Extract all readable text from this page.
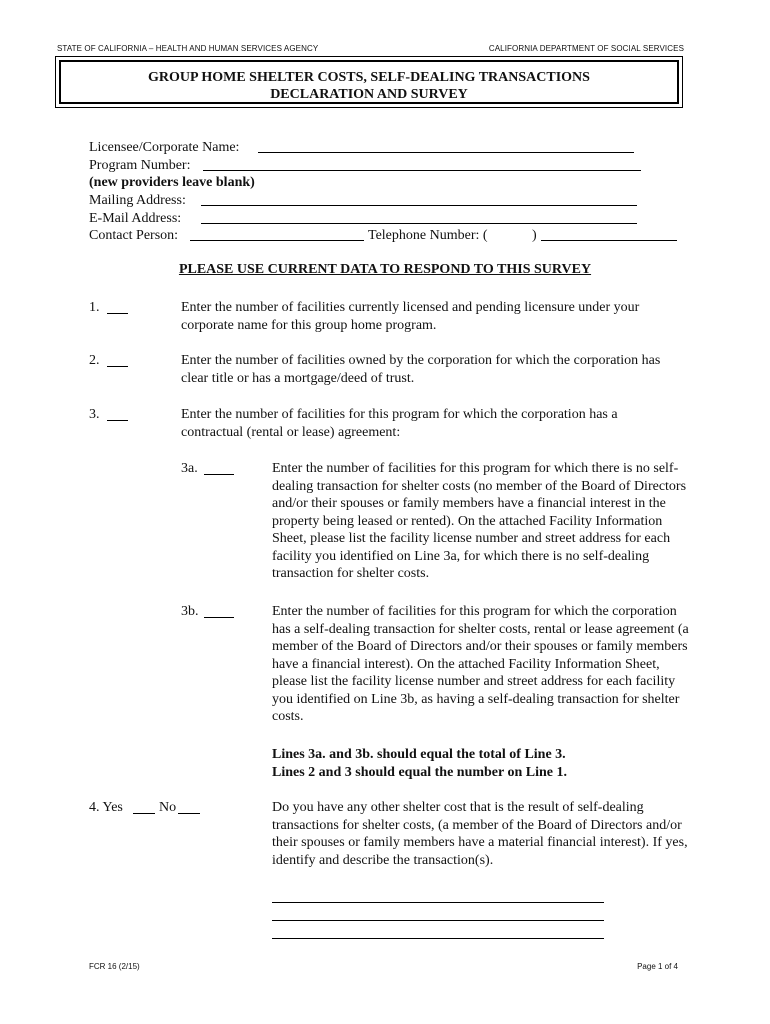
STATE OF CALIFORNIA – HEALTH AND HUMAN SERVICES AGENCY	CALIFORNIA DEPARTMENT OF SOCIAL SERVICES
GROUP HOME SHELTER COSTS, SELF-DEALING TRANSACTIONS
DECLARATION AND SURVEY
Licensee/Corporate Name:
Program Number:
(new providers leave blank)
Mailing Address:
E-Mail Address:
Contact Person:	Telephone Number: (	)
PLEASE USE CURRENT DATA TO RESPOND TO THIS SURVEY
1.	Enter the number of facilities currently licensed and pending licensure under your corporate name for this group home program.
2.	Enter the number of facilities owned by the corporation for which the corporation has clear title or has a mortgage/deed of trust.
3.	Enter the number of facilities for this program for which the corporation has a contractual (rental or lease) agreement:
3a.	Enter the number of facilities for this program for which there is no self-dealing transaction for shelter costs (no member of the Board of Directors and/or their spouses or family members have a financial interest in the property being leased or rented). On the attached Facility Information Sheet, please list the facility license number and street address for each facility you identified on Line 3a, for which there is no self-dealing transaction for shelter costs.
3b.	Enter the number of facilities for this program for which the corporation has a self-dealing transaction for shelter costs, rental or lease agreement (a member of the Board of Directors and/or their spouses or family members have a financial interest). On the attached Facility Information Sheet, please list the facility license number and street address for each facility you identified on Line 3b, as having a self-dealing transaction for shelter costs.
Lines 3a. and 3b. should equal the total of Line 3.
Lines 2 and 3 should equal the number on Line 1.
4. Yes	No	Do you have any other shelter cost that is the result of self-dealing transactions for shelter costs, (a member of the Board of Directors and/or their spouses or family members have a material financial interest). If yes, identify and describe the transaction(s).
FCR 16 (2/15)	Page 1 of 4
